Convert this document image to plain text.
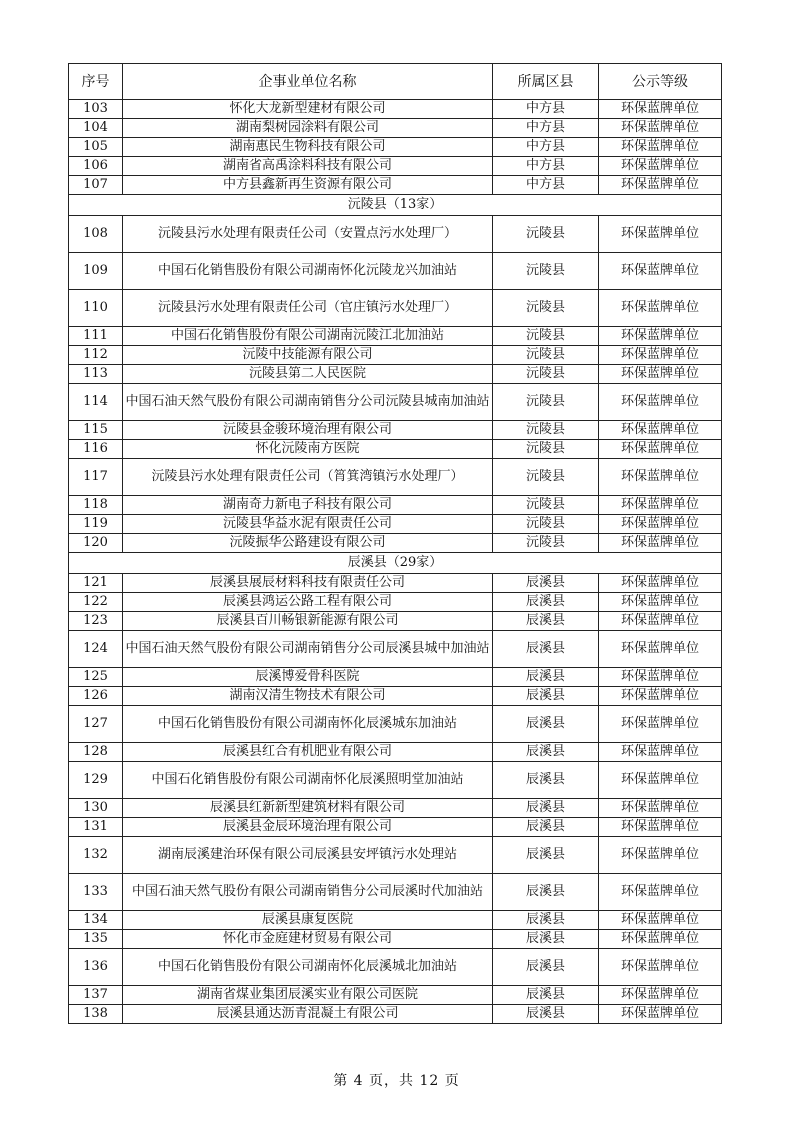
序号	企事业单位名称	所属区县	公示等级
103	怀化大龙新型建材有限公司	中方县	环保蓝牌单位
104	湖南梨树园涂料有限公司	中方县	环保蓝牌单位
105	湖南惠民生物科技有限公司	中方县	环保蓝牌单位
106	湖南省高禹涂料科技有限公司	中方县	环保蓝牌单位
107	中方县鑫新再生资源有限公司	中方县	环保蓝牌单位
沅陵县（13家）			
108	沅陵县污水处理有限责任公司（安置点污水处理厂）	沅陵县	环保蓝牌单位
109	中国石化销售股份有限公司湖南怀化沅陵龙兴加油站	沅陵县	环保蓝牌单位
110	沅陵县污水处理有限责任公司（官庄镇污水处理厂）	沅陵县	环保蓝牌单位
111	中国石化销售股份有限公司湖南沅陵江北加油站	沅陵县	环保蓝牌单位
112	沅陵中技能源有限公司	沅陵县	环保蓝牌单位
113	沅陵县第二人民医院	沅陵县	环保蓝牌单位
114	中国石油天然气股份有限公司湖南销售分公司沅陵县城南加油站	沅陵县	环保蓝牌单位
115	沅陵县金骏环境治理有限公司	沅陵县	环保蓝牌单位
116	怀化沅陵南方医院	沅陵县	环保蓝牌单位
117	沅陵县污水处理有限责任公司（筲箕湾镇污水处理厂）	沅陵县	环保蓝牌单位
118	湖南奇力新电子科技有限公司	沅陵县	环保蓝牌单位
119	沅陵县华益水泥有限责任公司	沅陵县	环保蓝牌单位
120	沅陵振华公路建设有限公司	沅陵县	环保蓝牌单位
辰溪县（29家）			
121	辰溪县展辰材料科技有限责任公司	辰溪县	环保蓝牌单位
122	辰溪县鸿运公路工程有限公司	辰溪县	环保蓝牌单位
123	辰溪县百川畅银新能源有限公司	辰溪县	环保蓝牌单位
124	中国石油天然气股份有限公司湖南销售分公司辰溪县城中加油站	辰溪县	环保蓝牌单位
125	辰溪博爱骨科医院	辰溪县	环保蓝牌单位
126	湖南汉清生物技术有限公司	辰溪县	环保蓝牌单位
127	中国石化销售股份有限公司湖南怀化辰溪城东加油站	辰溪县	环保蓝牌单位
128	辰溪县红合有机肥业有限公司	辰溪县	环保蓝牌单位
129	中国石化销售股份有限公司湖南怀化辰溪照明堂加油站	辰溪县	环保蓝牌单位
130	辰溪县红新新型建筑材料有限公司	辰溪县	环保蓝牌单位
131	辰溪县金辰环境治理有限公司	辰溪县	环保蓝牌单位
132	湖南辰溪建治环保有限公司辰溪县安坪镇污水处理站	辰溪县	环保蓝牌单位
133	中国石油天然气股份有限公司湖南销售分公司辰溪时代加油站	辰溪县	环保蓝牌单位
134	辰溪县康复医院	辰溪县	环保蓝牌单位
135	怀化市金庭建材贸易有限公司	辰溪县	环保蓝牌单位
136	中国石化销售股份有限公司湖南怀化辰溪城北加油站	辰溪县	环保蓝牌单位
137	湖南省煤业集团辰溪实业有限公司医院	辰溪县	环保蓝牌单位
138	辰溪县通达沥青混凝土有限公司	辰溪县	环保蓝牌单位
第 4 页，共 12 页
